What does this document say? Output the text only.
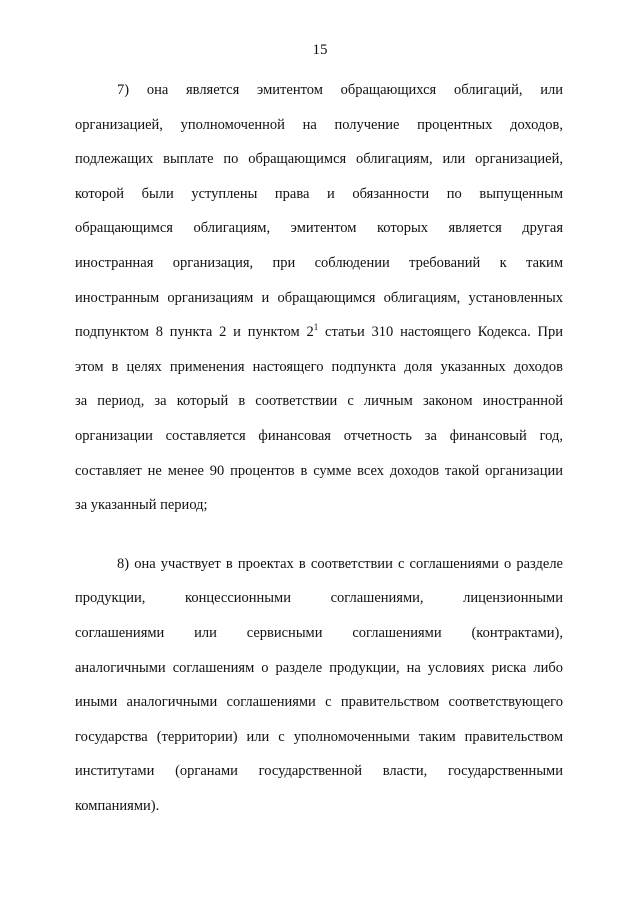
15
7) она является эмитентом обращающихся облигаций, или
организацией, уполномоченной на получение процентных доходов,
подлежащих выплате по обращающимся облигациям, или организацией,
которой были уступлены права и обязанности по выпущенным
обращающимся облигациям, эмитентом которых является другая
иностранная организация, при соблюдении требований к таким
иностранным организациям и обращающимся облигациям, установленных
подпунктом 8 пункта 2 и пунктом $2^1$ статьи 310 настоящего Кодекса. При
этом в целях применения настоящего подпункта доля указанных доходов
за период, за который в соответствии с личным законом иностранной
организации составляется финансовая отчетность за финансовый год,
составляет не менее 90 процентов в сумме всех доходов такой организации
за указанный период;
8) она участвует в проектах в соответствии с соглашениями о разделе
продукции, концессионными соглашениями, лицензионными
соглашениями или сервисными соглашениями (контрактами),
аналогичными соглашениям о разделе продукции, на условиях риска либо
иными аналогичными соглашениями с правительством соответствующего
государства (территории) или с уполномоченными таким правительством
институтами (органами государственной власти, государственными
компаниями).
